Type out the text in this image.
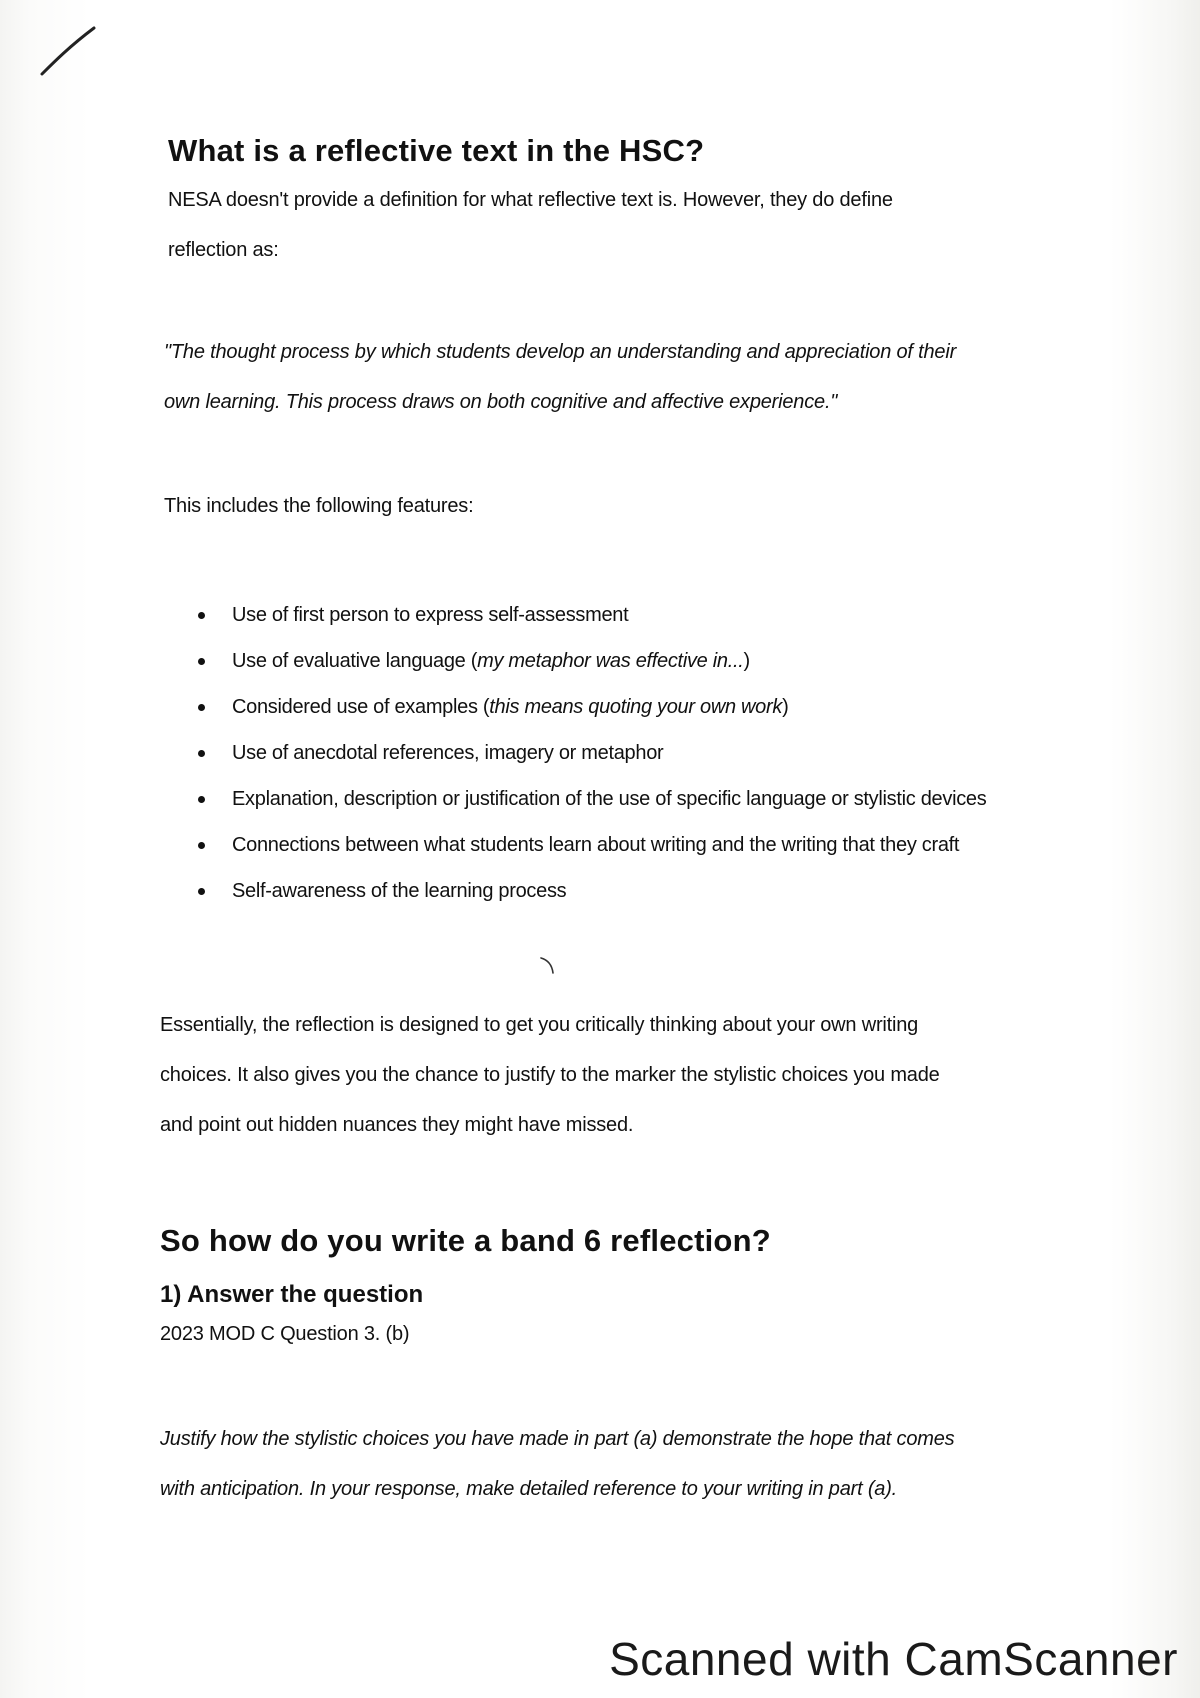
What is a reflective text in the HSC?

NESA doesn't provide a definition for what reflective text is. However, they do define

reflection as:

"The thought process by which students develop an understanding and appreciation of their

own learning. This process draws on both cognitive and affective experience."

This includes the following features:

Use of first person to express self-assessment
Use of evaluative language (my metaphor was effective in...)
Considered use of examples (this means quoting your own work)
Use of anecdotal references, imagery or metaphor
Explanation, description or justification of the use of specific language or stylistic devices
Connections between what students learn about writing and the writing that they craft
Self-awareness of the learning process

Essentially, the reflection is designed to get you critically thinking about your own writing

choices. It also gives you the chance to justify to the marker the stylistic choices you made

and point out hidden nuances they might have missed.

So how do you write a band 6 reflection?
1) Answer the question

2023 MOD C Question 3. (b)

Justify how the stylistic choices you have made in part (a) demonstrate the hope that comes

with anticipation. In your response, make detailed reference to your writing in part (a).

Scanned with CamScanner
